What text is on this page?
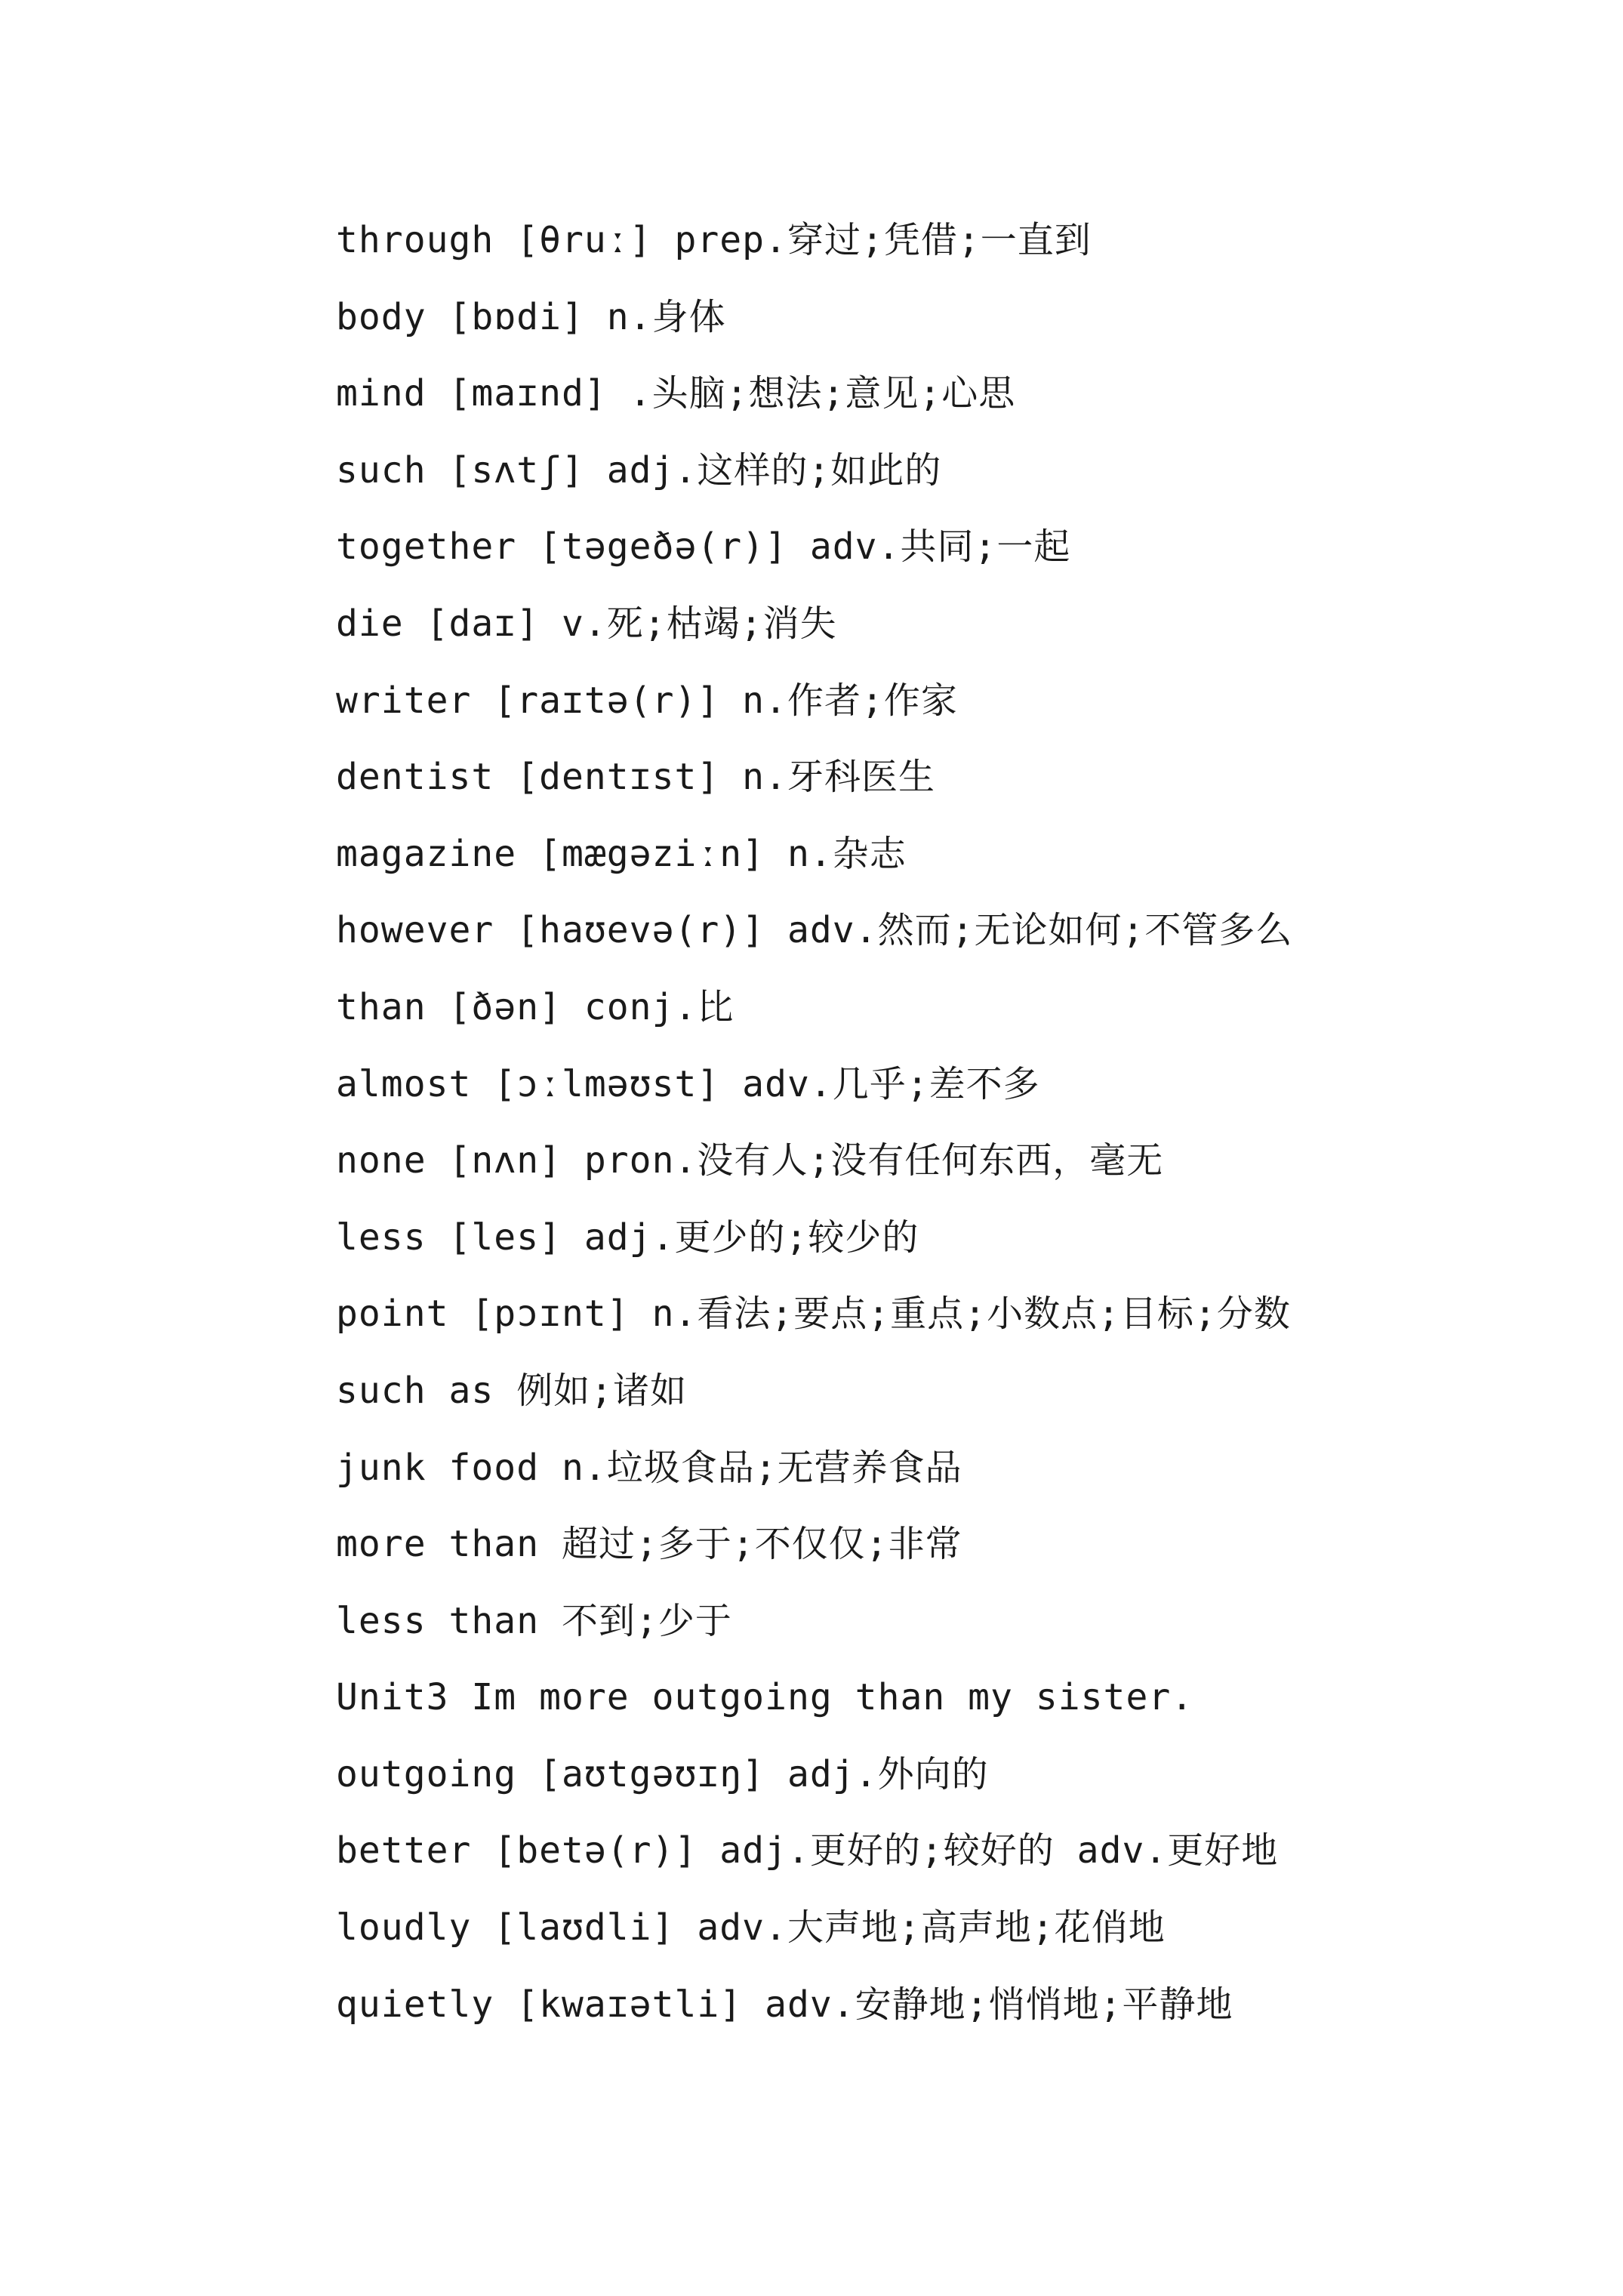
through [θruː] prep.穿过;凭借;一直到
body [bɒdi] n.身体
mind [maɪnd] .头脑;想法;意见;心思
such [sʌtʃ] adj.这样的;如此的
together [təgeðə(r)] adv.共同;一起
die [daɪ] v.死;枯竭;消失
writer [raɪtə(r)] n.作者;作家
dentist [dentɪst] n.牙科医生
magazine [mægəziːn] n.杂志
however [haʊevə(r)] adv.然而;无论如何;不管多么
than [ðən] conj.比
almost [ɔːlməʊst] adv.几乎;差不多
none [nʌn] pron.没有人;没有任何东西，毫无
less [les] adj.更少的;较少的
point [pɔɪnt] n.看法;要点;重点;小数点;目标;分数
such as 例如;诸如
junk food n.垃圾食品;无营养食品
more than 超过;多于;不仅仅;非常
less than 不到;少于
Unit3 Im more outgoing than my sister.
outgoing [aʊtgəʊɪŋ] adj.外向的
better [betə(r)] adj.更好的;较好的 adv.更好地
loudly [laʊdli] adv.大声地;高声地;花俏地
quietly [kwaɪətli] adv.安静地;悄悄地;平静地
